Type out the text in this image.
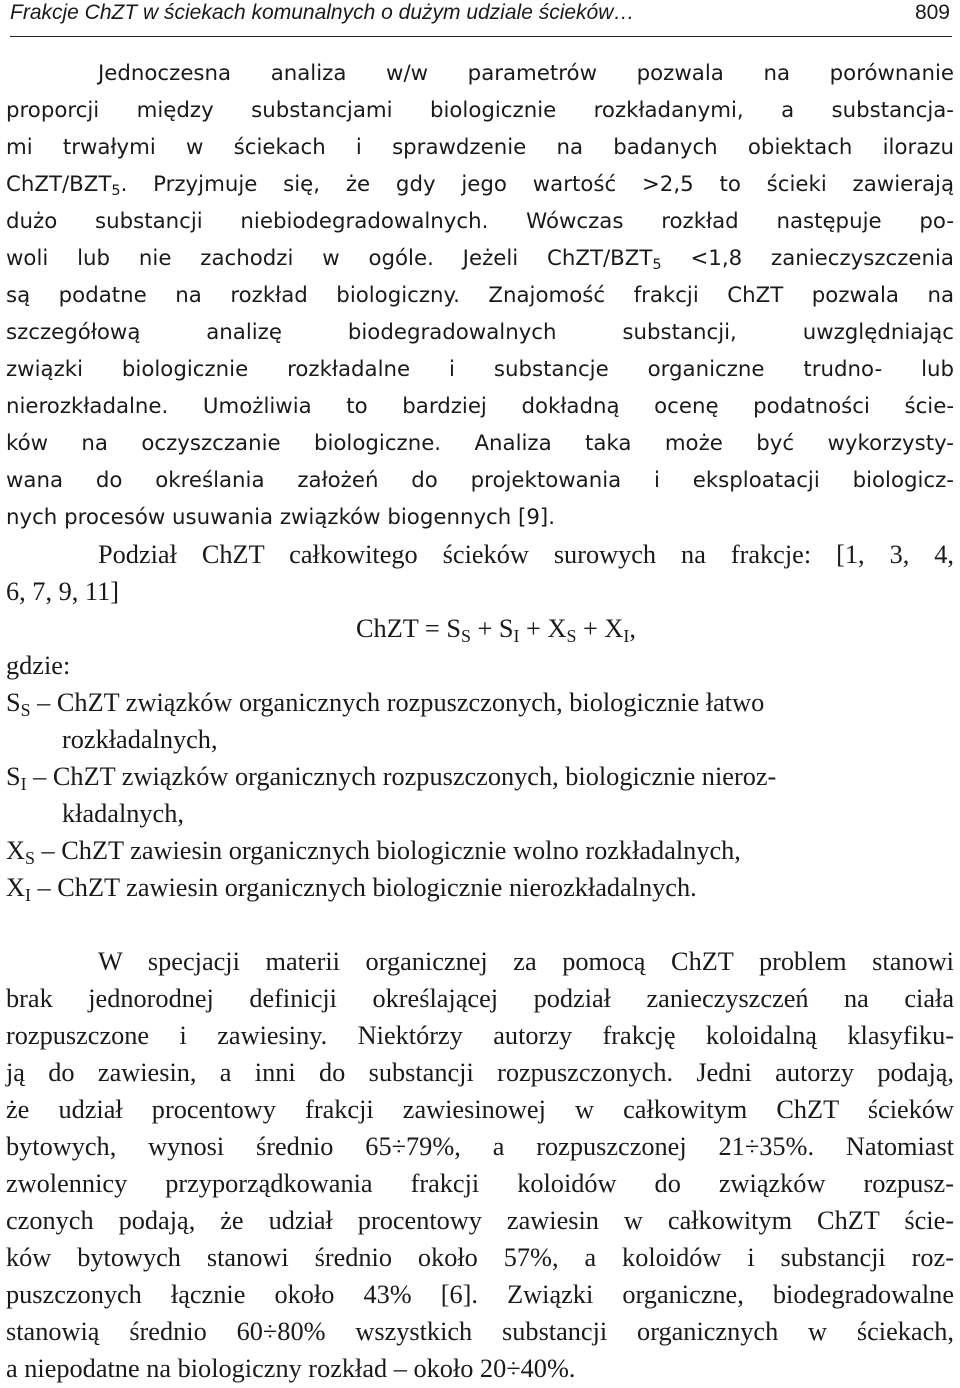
Frakcje ChZT w ściekach komunalnych o dużym udziale ścieków…	809
Jednoczesna analiza w/w parametrów pozwala na porównanie
proporcji między substancjami biologicznie rozkładanymi, a substancja-
mi trwałymi w ściekach i sprawdzenie na badanych obiektach ilorazu
ChZT/$BZT_5$. Przyjmuje się, że gdy jego wartość >2,5 to ścieki zawierają
dużo substancji niebiodegradowalnych. Wówczas rozkład następuje po-
woli lub nie zachodzi w ogóle. Jeżeli ChZT/$BZT_5 <1,8$ zanieczyszczenia
są podatne na rozkład biologiczny. Znajomość frakcji ChZT pozwala na
szczegółową analizę biodegradowalnych substancji, uwzględniając
związki biologicznie rozkładalne i substancje organiczne trudno- lub
nierozkładalne. Umożliwia to bardziej dokładną ocenę podatności ście-
ków na oczyszczanie biologiczne. Analiza taka może być wykorzysty-
wana do określania założeń do projektowania i eksploatacji biologicz-
nych procesów usuwania związków biogennych [9].
Podział ChZT całkowitego ścieków surowych na frakcje: [1, 3, 4,
6, 7, 9, 11]
ChZT = $S_S + S_I + X_S + X_I$,
gdzie:
$S_S$ – ChZT związków organicznych rozpuszczonych, biologicznie łatwo
rozkładalnych,
$S_I$ – ChZT związków organicznych rozpuszczonych, biologicznie nieroz-
kładalnych,
$X_S$ – ChZT zawiesin organicznych biologicznie wolno rozkładalnych,
$X_I$ – ChZT zawiesin organicznych biologicznie nierozkładalnych.
W specjacji materii organicznej za pomocą ChZT problem stanowi
brak jednorodnej definicji określającej podział zanieczyszczeń na ciała
rozpuszczone i zawiesiny. Niektórzy autorzy frakcję koloidalną klasyfiku-
ją do zawiesin, a inni do substancji rozpuszczonych. Jedni autorzy podają,
że udział procentowy frakcji zawiesinowej w całkowitym ChZT ścieków
bytowych, wynosi średnio 65÷79%, a rozpuszczonej 21÷35%. Natomiast
zwolennicy przyporządkowania frakcji koloidów do związków rozpusz-
czonych podają, że udział procentowy zawiesin w całkowitym ChZT ście-
ków bytowych stanowi średnio około 57%, a koloidów i substancji roz-
puszczonych łącznie około 43% [6]. Związki organiczne, biodegradowalne
stanowią średnio 60÷80% wszystkich substancji organicznych w ściekach,
a niepodatne na biologiczny rozkład – około 20÷40%.
